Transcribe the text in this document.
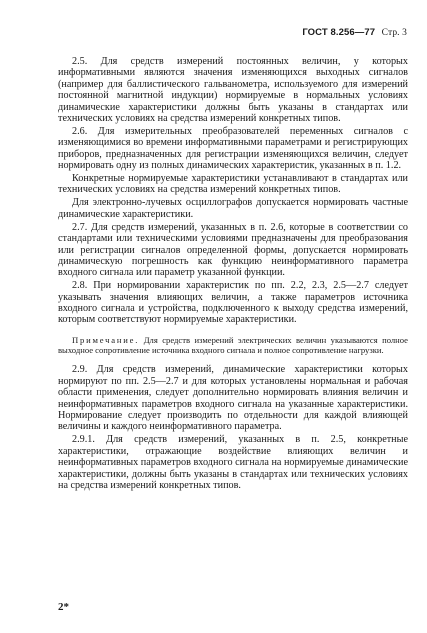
ГОСТ 8.256—77 Стр. 3

2.5. Для средств измерений постоянных величин, у которых информативными являются значения изменяющихся выходных сигналов (например для баллистического гальванометра, используемого для измерений постоянной магнитной индукции) нормируемые в нормальных условиях динамические характеристики должны быть указаны в стандартах или технических условиях на средства измерений конкретных типов.

2.6. Для измерительных преобразователей переменных сигналов с изменяющимися во времени информативными параметрами и регистрирующих приборов, предназначенных для регистрации изменяющихся величин, следует нормировать одну из полных динамических характеристик, указанных в п. 1.2.

Конкретные нормируемые характеристики устанавливают в стандартах или технических условиях на средства измерений конкретных типов.

Для электронно-лучевых осциллографов допускается нормировать частные динамические характеристики.

2.7. Для средств измерений, указанных в п. 2.6, которые в соответствии со стандартами или техническими условиями предназначены для преобразования или регистрации сигналов определенной формы, допускается нормировать динамическую погрешность как функцию неинформативного параметра входного сигнала или параметр указанной функции.

2.8. При нормировании характеристик по пп. 2.2, 2.3, 2.5—2.7 следует указывать значения влияющих величин, а также параметров источника входного сигнала и устройства, подключенного к выходу средства измерений, которым соответствуют нормируемые характеристики.

Примечание. Для средств измерений электрических величин указываются полное выходное сопротивление источника входного сигнала и полное сопротивление нагрузки.

2.9. Для средств измерений, динамические характеристики которых нормируют по пп. 2.5—2.7 и для которых установлены нормальная и рабочая области применения, следует дополнительно нормировать влияния величин и неинформативных параметров входного сигнала на указанные характеристики. Нормирование следует производить по отдельности для каждой влияющей величины и каждого неинформативного параметра.

2.9.1. Для средств измерений, указанных в п. 2.5, конкретные характеристики, отражающие воздействие влияющих величин и неинформативных параметров входного сигнала на нормируемые динамические характеристики, должны быть указаны в стандартах или технических условиях на средства измерений конкретных типов.

2*
